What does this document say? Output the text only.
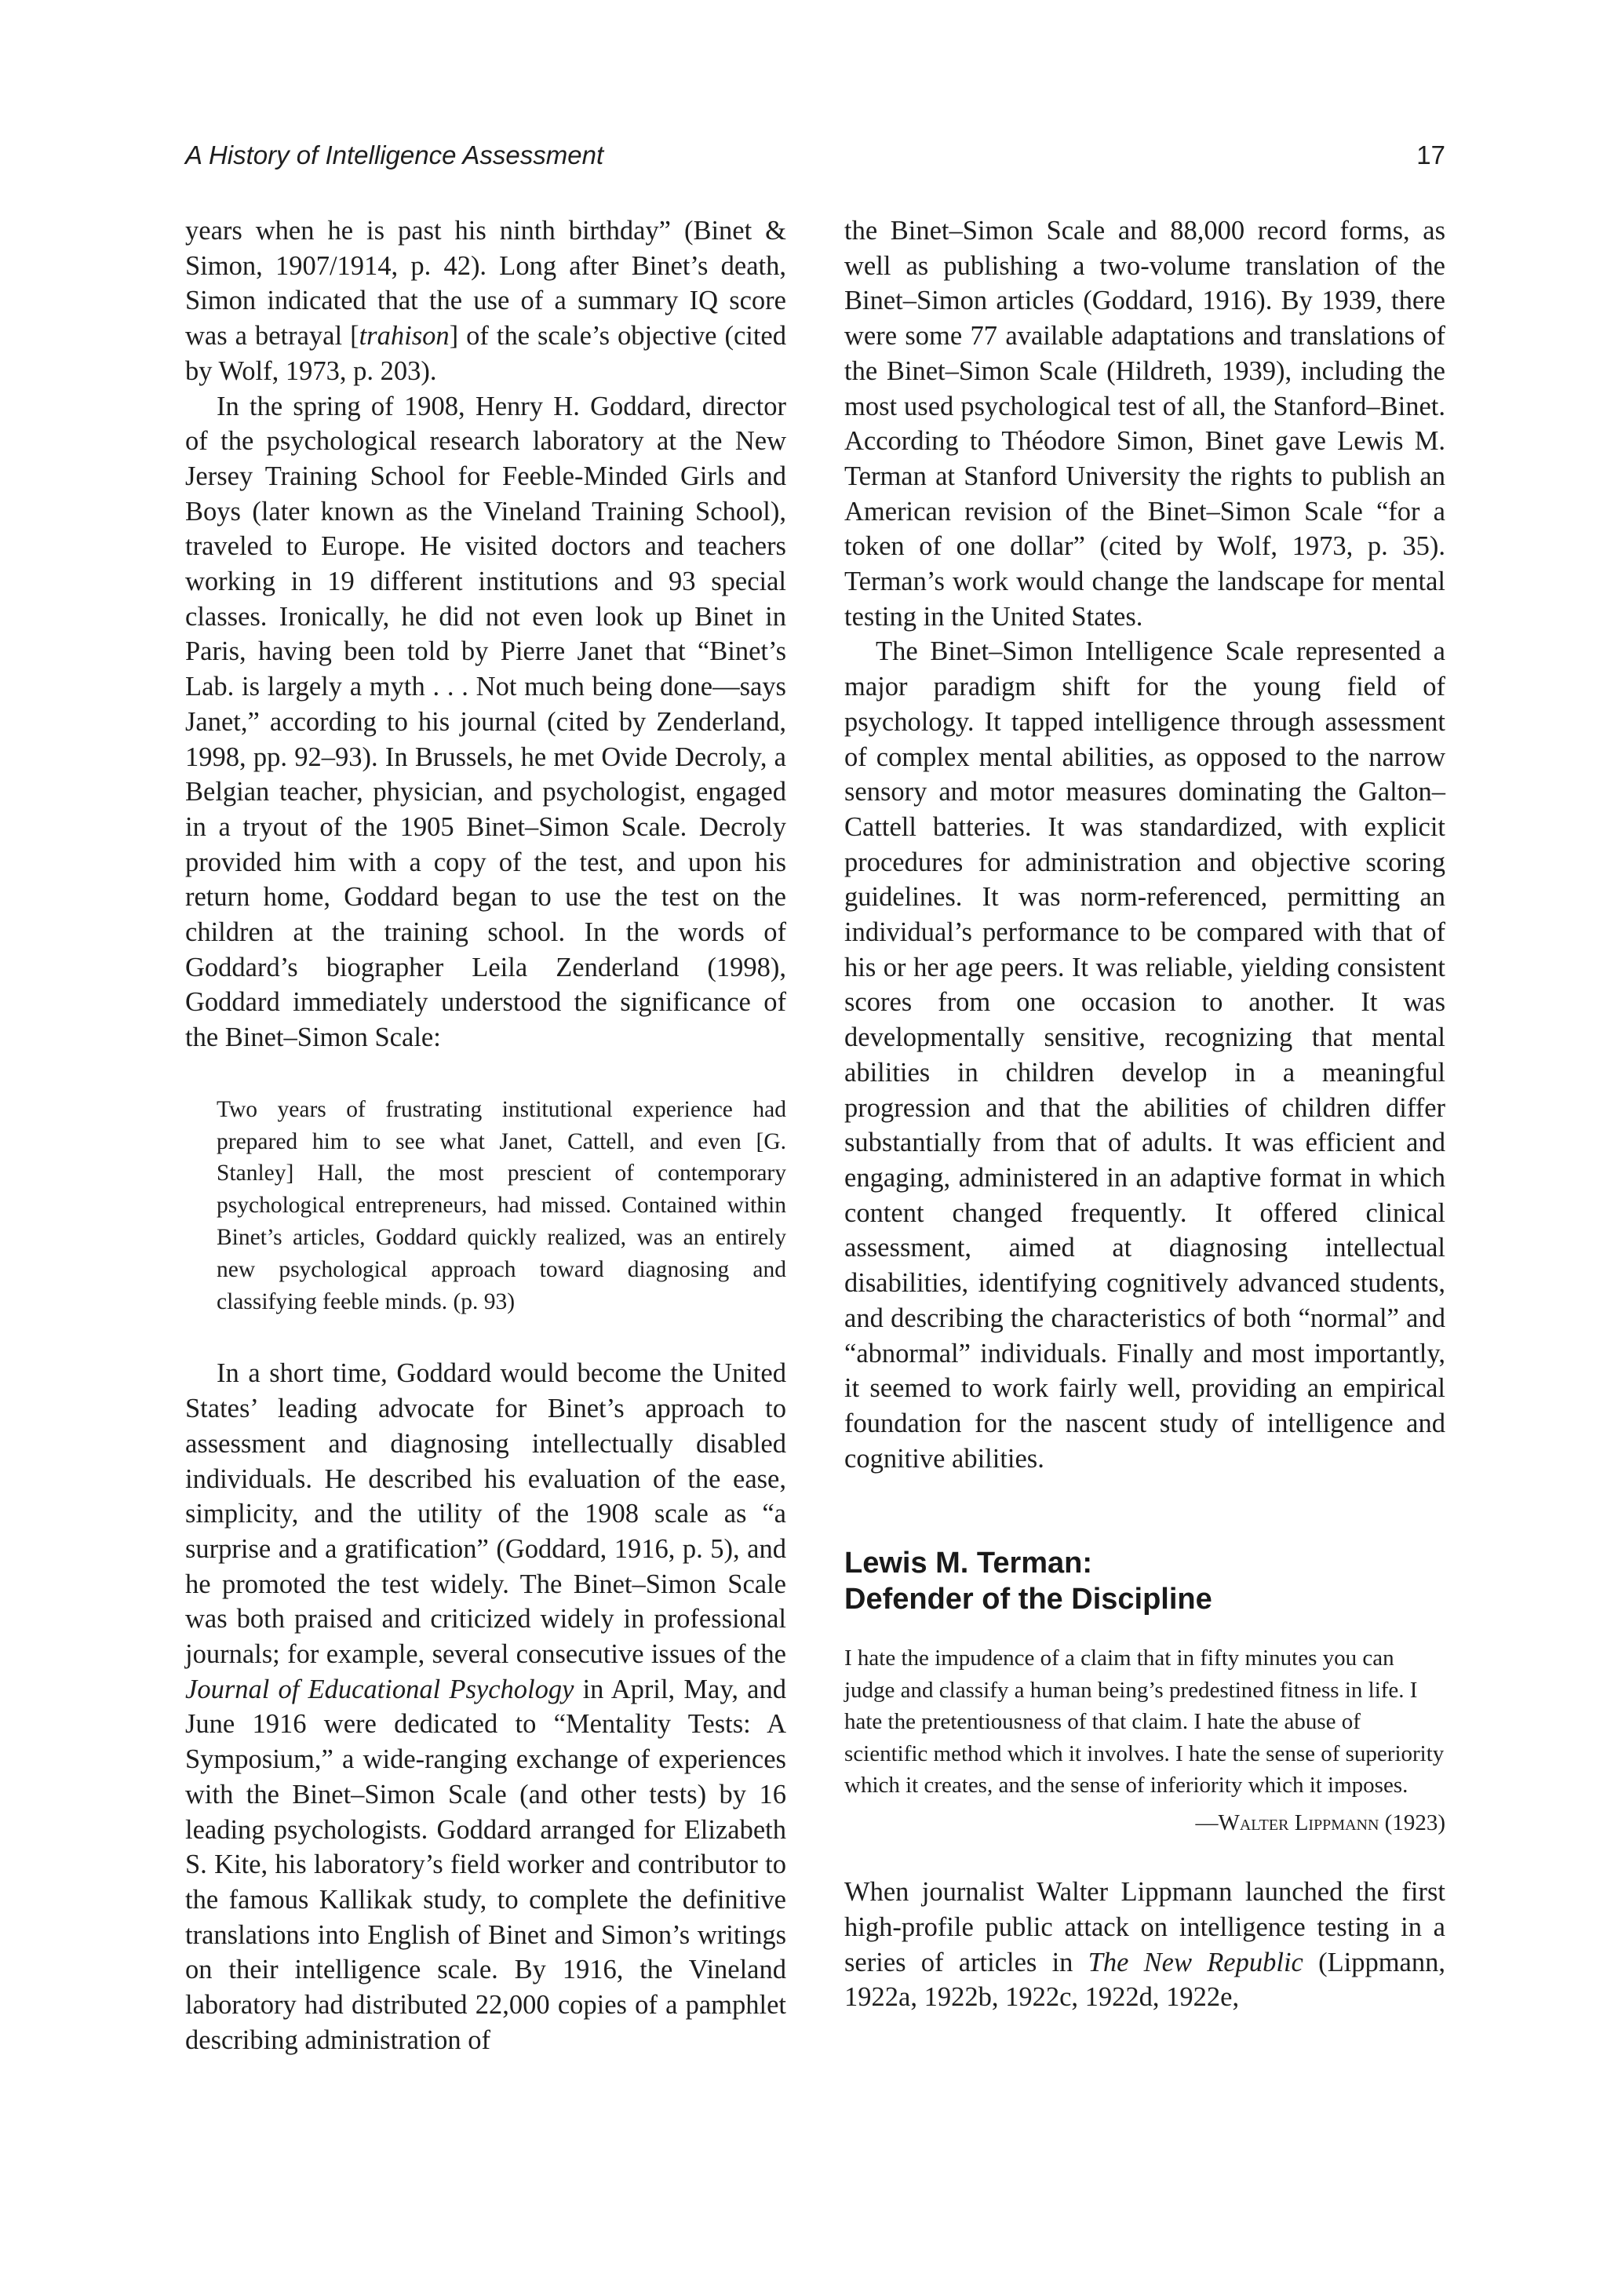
A History of Intelligence Assessment	17

years when he is past his ninth birthday” (Binet & Simon, 1907/1914, p. 42). Long after Binet’s death, Simon indicated that the use of a summary IQ score was a betrayal [trahison] of the scale’s objective (cited by Wolf, 1973, p. 203).

In the spring of 1908, Henry H. Goddard, director of the psychological research laboratory at the New Jersey Training School for Feeble-Minded Girls and Boys (later known as the Vineland Training School), traveled to Europe. He visited doctors and teachers working in 19 different institutions and 93 special classes. Ironically, he did not even look up Binet in Paris, having been told by Pierre Janet that “Binet’s Lab. is largely a myth . . . Not much being done—says Janet,” according to his journal (cited by Zenderland, 1998, pp. 92–93). In Brussels, he met Ovide Decroly, a Belgian teacher, physician, and psychologist, engaged in a tryout of the 1905 Binet–Simon Scale. Decroly provided him with a copy of the test, and upon his return home, Goddard began to use the test on the children at the training school. In the words of Goddard’s biographer Leila Zenderland (1998), Goddard immediately understood the significance of the Binet–Simon Scale:

Two years of frustrating institutional experience had prepared him to see what Janet, Cattell, and even [G. Stanley] Hall, the most prescient of contemporary psychological entrepreneurs, had missed. Contained within Binet’s articles, Goddard quickly realized, was an entirely new psychological approach toward diagnosing and classifying feeble minds. (p. 93)

In a short time, Goddard would become the United States’ leading advocate for Binet’s approach to assessment and diagnosing intellectually disabled individuals. He described his evaluation of the ease, simplicity, and the utility of the 1908 scale as “a surprise and a gratification” (Goddard, 1916, p. 5), and he promoted the test widely. The Binet–Simon Scale was both praised and criticized widely in professional journals; for example, several consecutive issues of the Journal of Educational Psychology in April, May, and June 1916 were dedicated to “Mentality Tests: A Symposium,” a wide-ranging exchange of experiences with the Binet–Simon Scale (and other tests) by 16 leading psychologists. Goddard arranged for Elizabeth S. Kite, his laboratory’s field worker and contributor to the famous Kallikak study, to complete the definitive translations into English of Binet and Simon’s writings on their intelligence scale. By 1916, the Vineland laboratory had distributed 22,000 copies of a pamphlet describing administration of

the Binet–Simon Scale and 88,000 record forms, as well as publishing a two-volume translation of the Binet–Simon articles (Goddard, 1916). By 1939, there were some 77 available adaptations and translations of the Binet–Simon Scale (Hildreth, 1939), including the most used psychological test of all, the Stanford–Binet. According to Théodore Simon, Binet gave Lewis M. Terman at Stanford University the rights to publish an American revision of the Binet–Simon Scale “for a token of one dollar” (cited by Wolf, 1973, p. 35). Terman’s work would change the landscape for mental testing in the United States.

The Binet–Simon Intelligence Scale represented a major paradigm shift for the young field of psychology. It tapped intelligence through assessment of complex mental abilities, as opposed to the narrow sensory and motor measures dominating the Galton–Cattell batteries. It was standardized, with explicit procedures for administration and objective scoring guidelines. It was norm-referenced, permitting an individual’s performance to be compared with that of his or her age peers. It was reliable, yielding consistent scores from one occasion to another. It was developmentally sensitive, recognizing that mental abilities in children develop in a meaningful progression and that the abilities of children differ substantially from that of adults. It was efficient and engaging, administered in an adaptive format in which content changed frequently. It offered clinical assessment, aimed at diagnosing intellectual disabilities, identifying cognitively advanced students, and describing the characteristics of both “normal” and “abnormal” individuals. Finally and most importantly, it seemed to work fairly well, providing an empirical foundation for the nascent study of intelligence and cognitive abilities.

Lewis M. Terman:
Defender of the Discipline

I hate the impudence of a claim that in fifty minutes you can judge and classify a human being’s predestined fitness in life. I hate the pretentiousness of that claim. I hate the abuse of scientific method which it involves. I hate the sense of superiority which it creates, and the sense of inferiority which it imposes.

—Walter Lippmann (1923)

When journalist Walter Lippmann launched the first high-profile public attack on intelligence testing in a series of articles in The New Republic (Lippmann, 1922a, 1922b, 1922c, 1922d, 1922e,
